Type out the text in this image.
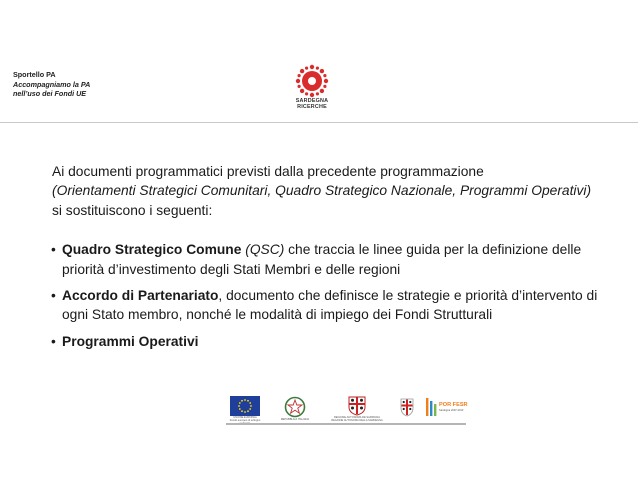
Sportello PA
Accompagniamo la PA
nell’uso dei Fondi UE
SARDEGNA
RICERCHE
Ai documenti programmatici previsti dalla precedente programmazione
(Orientamenti Strategici Comunitari, Quadro Strategico Nazionale, Programmi Operativi) si sostituiscono i seguenti:
• Quadro Strategico Comune (QSC) che traccia le linee guida per la definizione delle priorità d’investimento degli Stati Membri e delle regioni
• Accordo di Partenariato, documento che definisce le strategie e priorità d’intervento di ogni Stato membro, nonché le modalità di impiego dei Fondi Strutturali
• Programmi Operativi
UNIONE EUROPEA
Fondo europeo di sviluppo	REPUBBLICA ITALIANA
REGIONE AUTONOMA DE SARDIGNA
REGIONE AUTONOMA DELLA SARDEGNA
POR FESR
Sardegna 2007-2013
